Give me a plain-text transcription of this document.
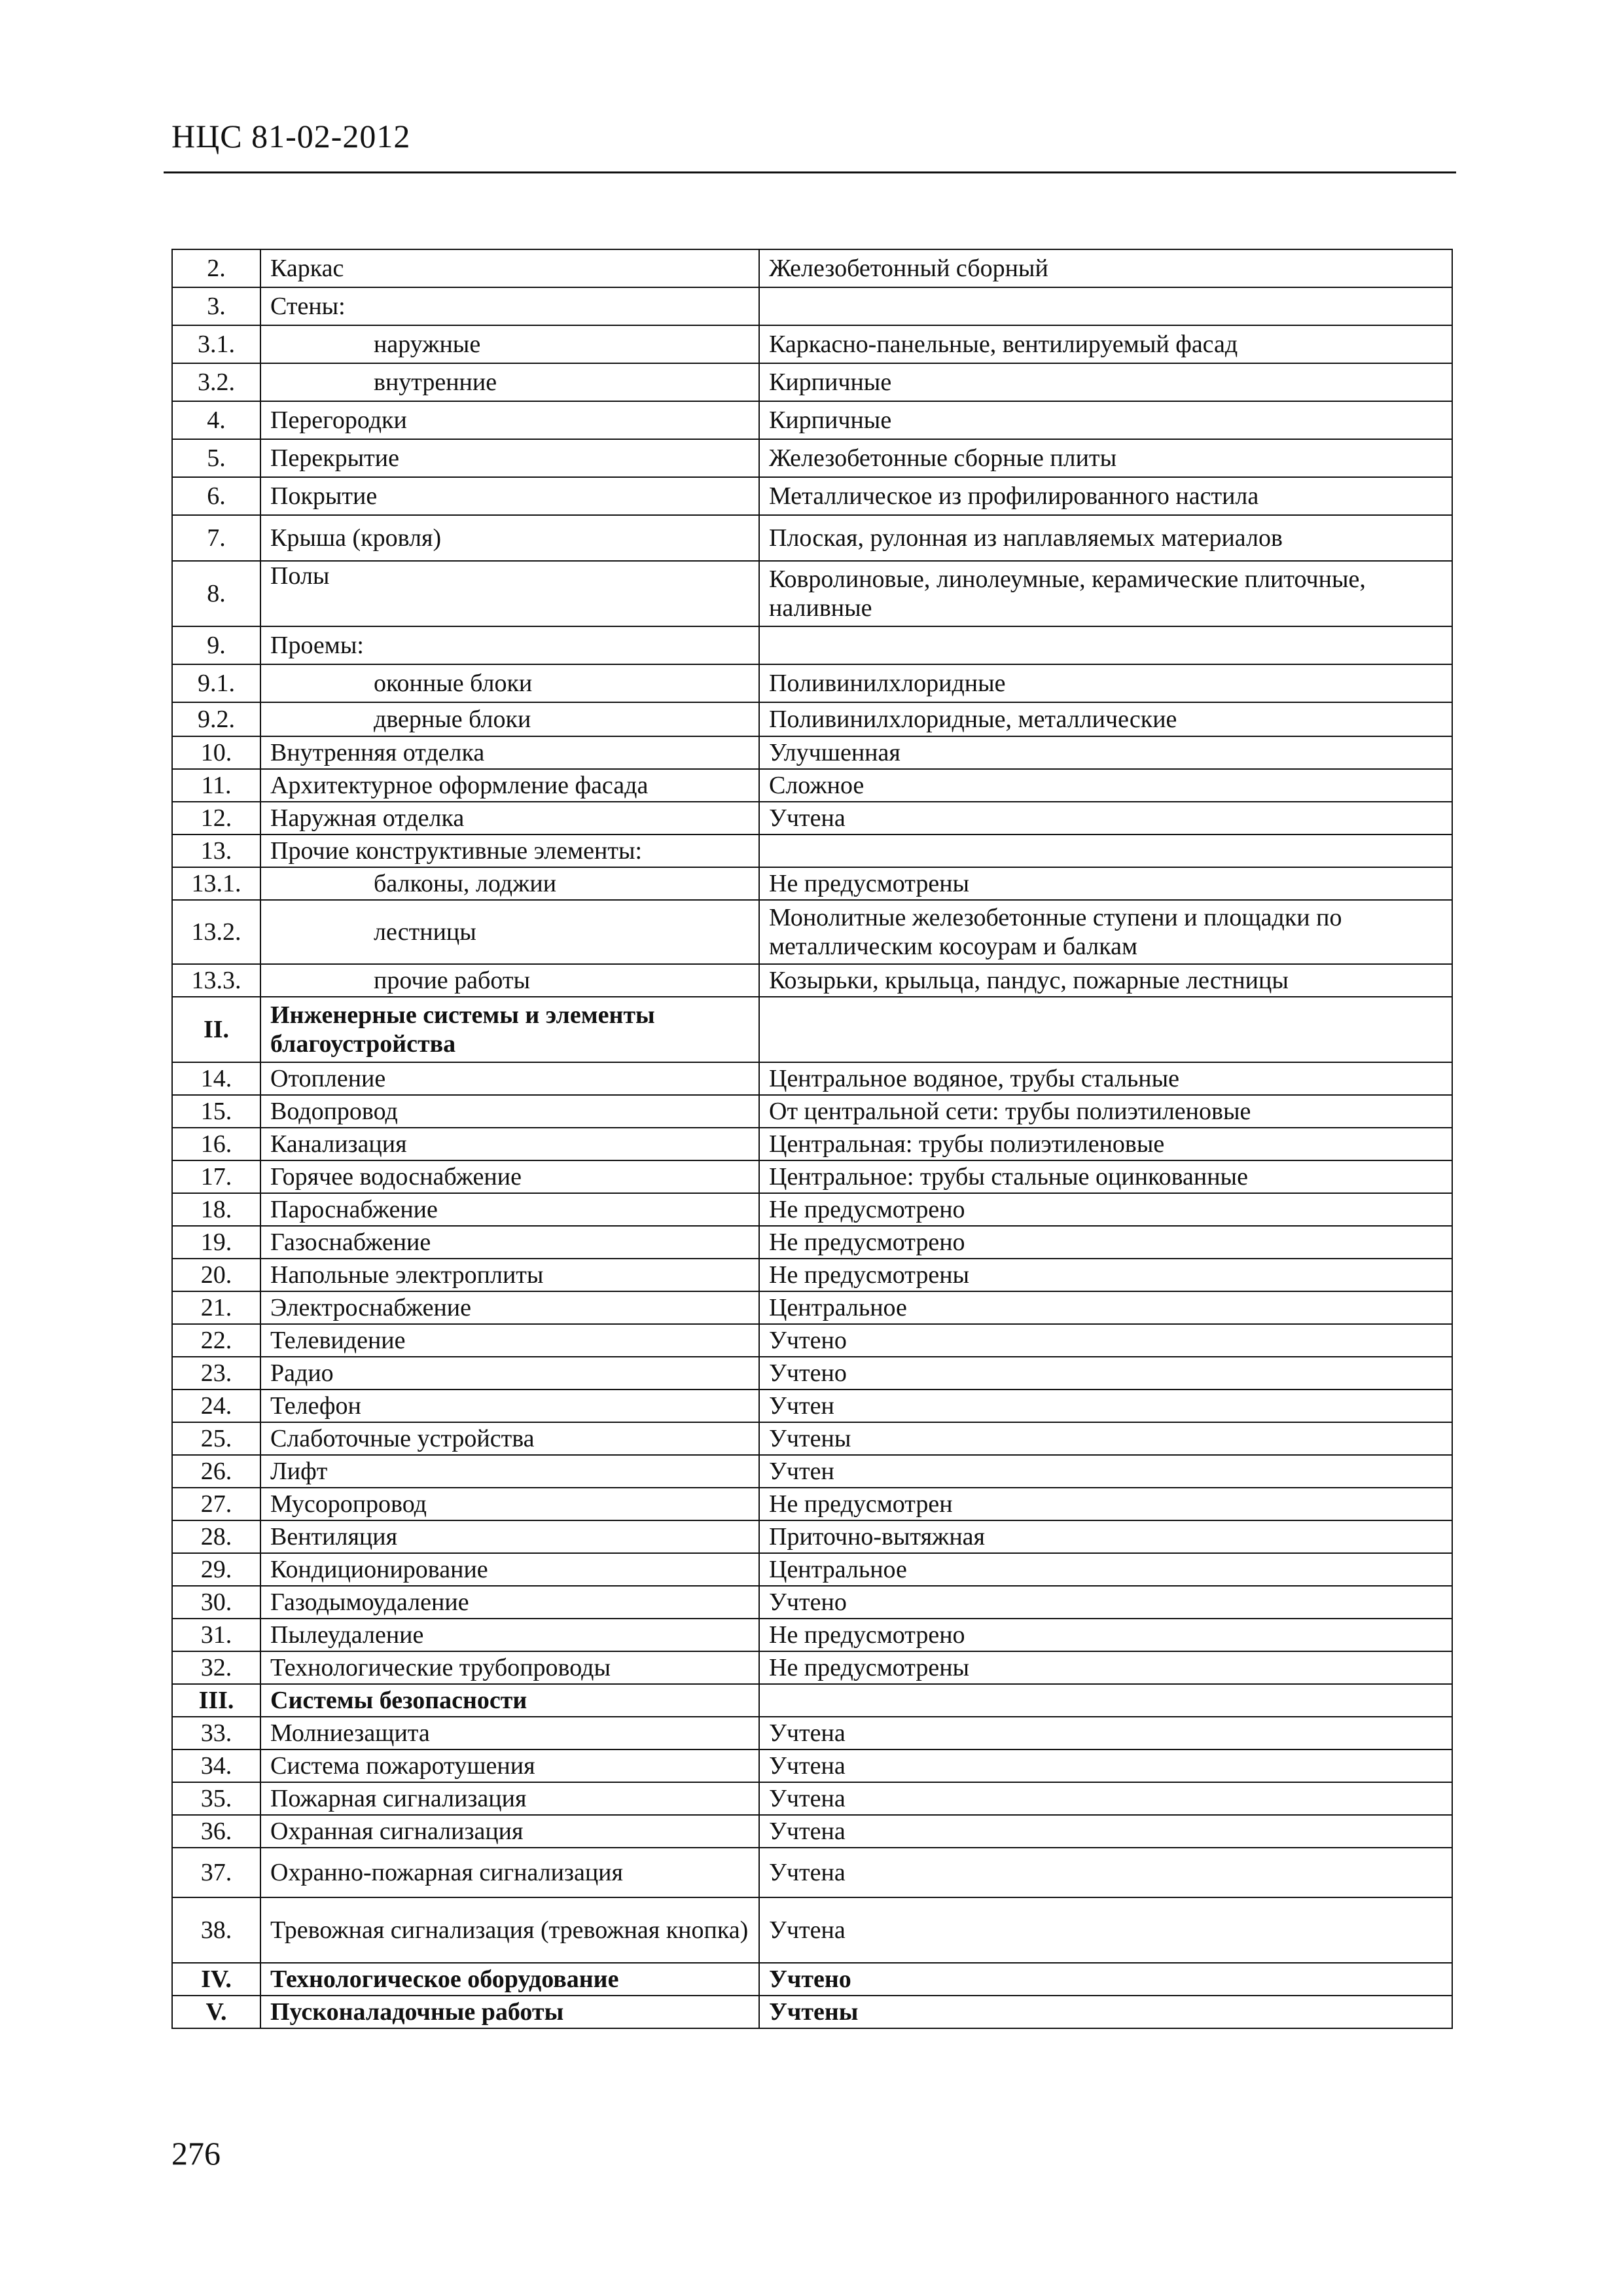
НЦС 81-02-2012
2.	Каркас	Железобетонный сборный
3.	Стены:	
3.1.	наружные	Каркасно-панельные, вентилируемый фасад
3.2.	внутренние	Кирпичные
4.	Перегородки	Кирпичные
5.	Перекрытие	Железобетонные сборные плиты
6.	Покрытие	Металлическое из профилированного настила
7.	Крыша (кровля)	Плоская, рулонная из наплавляемых материалов
8.	Полы	Ковролиновые, линолеумные, керамические плиточные, наливные
9.	Проемы:	
9.1.	оконные блоки	Поливинилхлоридные
9.2.	дверные блоки	Поливинилхлоридные, металлические
10.	Внутренняя отделка	Улучшенная
11.	Архитектурное оформление фасада	Сложное
12.	Наружная отделка	Учтена
13.	Прочие конструктивные элементы:	
13.1.	балконы, лоджии	Не предусмотрены
13.2.	лестницы	Монолитные железобетонные ступени и площадки по металлическим косоурам и балкам
13.3.	прочие работы	Козырьки, крыльца, пандус, пожарные лестницы
II.	Инженерные системы и элементы благоустройства	
14.	Отопление	Центральное водяное, трубы стальные
15.	Водопровод	От центральной сети: трубы полиэтиленовые
16.	Канализация	Центральная: трубы полиэтиленовые
17.	Горячее водоснабжение	Центральное: трубы стальные оцинкованные
18.	Пароснабжение	Не предусмотрено
19.	Газоснабжение	Не предусмотрено
20.	Напольные электроплиты	Не предусмотрены
21.	Электроснабжение	Центральное
22.	Телевидение	Учтено
23.	Радио	Учтено
24.	Телефон	Учтен
25.	Слаботочные устройства	Учтены
26.	Лифт	Учтен
27.	Мусоропровод	Не предусмотрен
28.	Вентиляция	Приточно-вытяжная
29.	Кондиционирование	Центральное
30.	Газодымоудаление	Учтено
31.	Пылеудаление	Не предусмотрено
32.	Технологические трубопроводы	Не предусмотрены
III.	Системы безопасности	
33.	Молниезащита	Учтена
34.	Система пожаротушения	Учтена
35.	Пожарная сигнализация	Учтена
36.	Охранная сигнализация	Учтена
37.	Охранно-пожарная сигнализация	Учтена
38.	Тревожная сигнализация (тревожная кнопка)	Учтена
IV.	Технологическое оборудование	Учтено
V.	Пусконаладочные работы	Учтены
276
